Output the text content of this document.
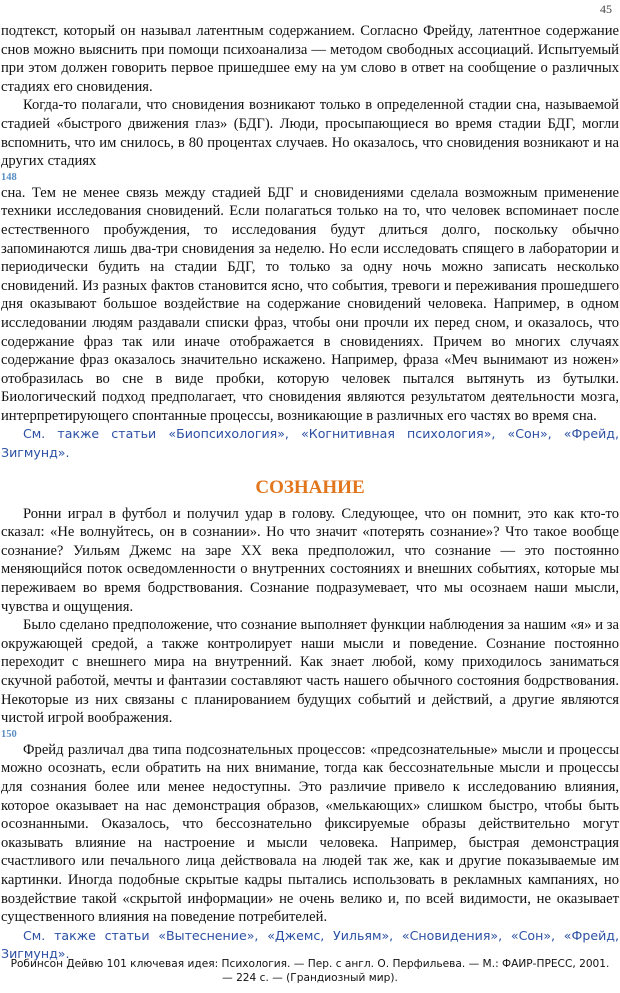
45

подтекст, который он называл латентным содержанием. Согласно Фрейду, латентное содержание снов можно выяснить при помощи психоанализа — методом свободных ассоциаций. Испытуемый при этом должен говорить первое пришедшее ему на ум слово в ответ на сообщение о различных стадиях его сновидения.

Когда-то полагали, что сновидения возникают только в определенной стадии сна, называемой стадией «быстрого движения глаз» (БДГ). Люди, просыпающиеся во время стадии БДГ, могли вспомнить, что им снилось, в 80 процентах случаев. Но оказалось, что сновидения возникают и на других стадиях

148

сна. Тем не менее связь между стадией БДГ и сновидениями сделала возможным применение техники исследования сновидений. Если полагаться только на то, что человек вспоминает после естественного пробуждения, то исследования будут длиться долго, поскольку обычно запоминаются лишь два-три сновидения за неделю. Но если исследовать спящего в лаборатории и периодически будить на стадии БДГ, то только за одну ночь можно записать несколько сновидений. Из разных фактов становится ясно, что события, тревоги и переживания прошедшего дня оказывают большое воздействие на содержание сновидений человека. Например, в одном исследовании людям раздавали списки фраз, чтобы они прочли их перед сном, и оказалось, что содержание фраз так или иначе отображается в сновидениях. Причем во многих случаях содержание фраз оказалось значительно искажено. Например, фраза «Меч вынимают из ножен» отобразилась во сне в виде пробки, которую человек пытался вытянуть из бутылки. Биологический подход предполагает, что сновидения являются результатом деятельности мозга, интерпретирующего спонтанные процессы, возникающие в различных его частях во время сна.

См. также статьи «Биопсихология», «Когнитивная психология», «Сон», «Фрейд, Зигмунд».

СОЗНАНИЕ

Ронни играл в футбол и получил удар в голову. Следующее, что он помнит, это как кто-то сказал: «Не волнуйтесь, он в сознании». Но что значит «потерять сознание»? Что такое вообще сознание? Уильям Джемс на заре XX века предположил, что сознание — это постоянно меняющийся поток осведомленности о внутренних состояниях и внешних событиях, которые мы переживаем во время бодрствования. Сознание подразумевает, что мы осознаем наши мысли, чувства и ощущения.

Было сделано предположение, что сознание выполняет функции наблюдения за нашим «я» и за окружающей средой, а также контролирует наши мысли и поведение. Сознание постоянно переходит с внешнего мира на внутренний. Как знает любой, кому приходилось заниматься скучной работой, мечты и фантазии составляют часть нашего обычного состояния бодрствования. Некоторые из них связаны с планированием будущих событий и действий, а другие являются чистой игрой воображения.

150

Фрейд различал два типа подсознательных процессов: «предсознательные» мысли и процессы можно осознать, если обратить на них внимание, тогда как бессознательные мысли и процессы для сознания более или менее недоступны. Это различие привело к исследованию влияния, которое оказывает на нас демонстрация образов, «мелькающих» слишком быстро, чтобы быть осознанными. Оказалось, что бессознательно фиксируемые образы действительно могут оказывать влияние на настроение и мысли человека. Например, быстрая демонстрация счастливого или печального лица действовала на людей так же, как и другие показываемые им картинки. Иногда подобные скрытые кадры пытались использовать в рекламных кампаниях, но воздействие такой «скрытой информации» не очень велико и, по всей видимости, не оказывает существенного влияния на поведение потребителей.

См. также статьи «Вытеснение», «Джемс, Уильям», «Сновидения», «Сон», «Фрейд, Зигмунд».

Робинсон Дейвю 101 ключевая идея: Психология. — Пер. с англ. О. Перфильева. — М.: ФАИР-ПРЕСС, 2001. — 224 с. — (Грандиозный мир).
